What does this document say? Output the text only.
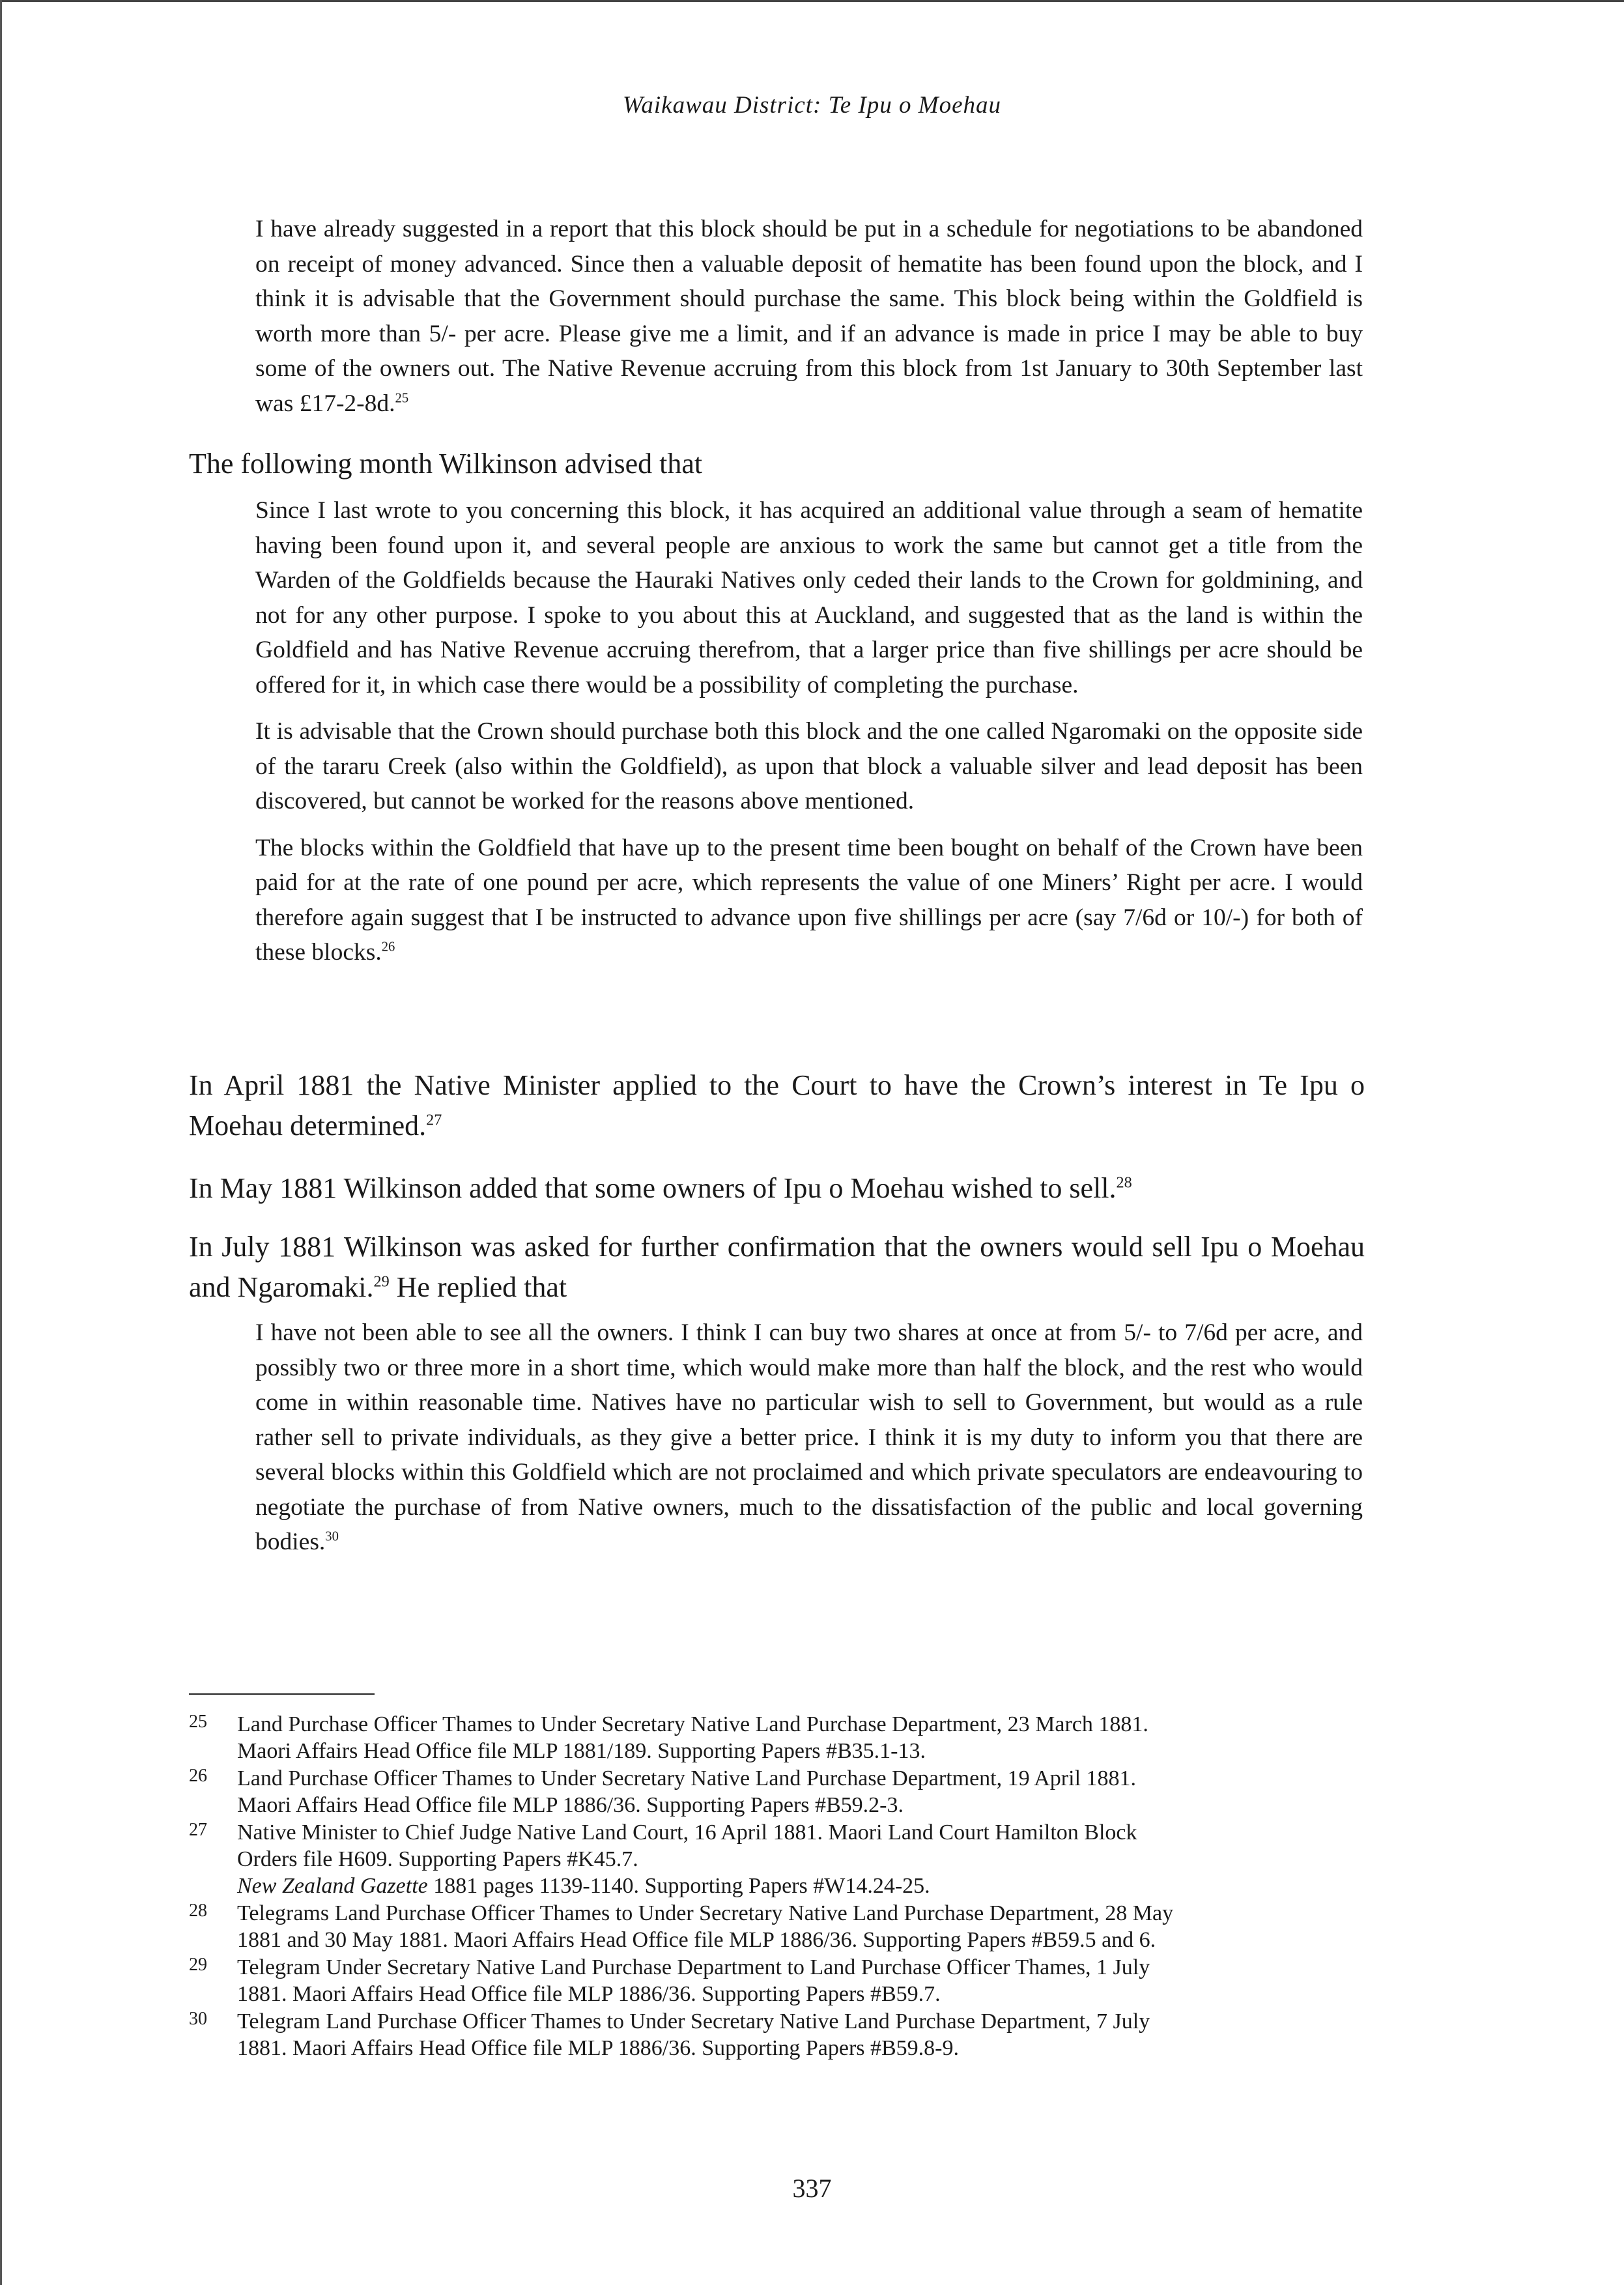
Waikawau District: Te Ipu o Moehau

I have already suggested in a report that this block should be put in a schedule for negotiations to be abandoned on receipt of money advanced. Since then a valuable deposit of hematite has been found upon the block, and I think it is advisable that the Government should purchase the same. This block being within the Goldfield is worth more than 5/- per acre. Please give me a limit, and if an advance is made in price I may be able to buy some of the owners out. The Native Revenue accruing from this block from 1st January to 30th September last was £17-2-8d.$^{25}$

The following month Wilkinson advised that

Since I last wrote to you concerning this block, it has acquired an additional value through a seam of hematite having been found upon it, and several people are anxious to work the same but cannot get a title from the Warden of the Goldfields because the Hauraki Natives only ceded their lands to the Crown for goldmining, and not for any other purpose. I spoke to you about this at Auckland, and suggested that as the land is within the Goldfield and has Native Revenue accruing therefrom, that a larger price than five shillings per acre should be offered for it, in which case there would be a possibility of completing the purchase.

It is advisable that the Crown should purchase both this block and the one called Ngaromaki on the opposite side of the tararu Creek (also within the Goldfield), as upon that block a valuable silver and lead deposit has been discovered, but cannot be worked for the reasons above mentioned.

The blocks within the Goldfield that have up to the present time been bought on behalf of the Crown have been paid for at the rate of one pound per acre, which represents the value of one Miners’ Right per acre. I would therefore again suggest that I be instructed to advance upon five shillings per acre (say 7/6d or 10/-) for both of these blocks.$^{26}$

In April 1881 the Native Minister applied to the Court to have the Crown’s interest in Te Ipu o Moehau determined.$^{27}$
In May 1881 Wilkinson added that some owners of Ipu o Moehau wished to sell.$^{28}$
In July 1881 Wilkinson was asked for further confirmation that the owners would sell Ipu o Moehau and Ngaromaki.$^{29}$ He replied that

I have not been able to see all the owners. I think I can buy two shares at once at from 5/- to 7/6d per acre, and possibly two or three more in a short time, which would make more than half the block, and the rest who would come in within reasonable time. Natives have no particular wish to sell to Government, but would as a rule rather sell to private individuals, as they give a better price. I think it is my duty to inform you that there are several blocks within this Goldfield which are not proclaimed and which private speculators are endeavouring to negotiate the purchase of from Native owners, much to the dissatisfaction of the public and local governing bodies.$^{30}$

25	Land Purchase Officer Thames to Under Secretary Native Land Purchase Department, 23 March 1881.
Maori Affairs Head Office file MLP 1881/189. Supporting Papers #B35.1-13.
26	Land Purchase Officer Thames to Under Secretary Native Land Purchase Department, 19 April 1881.
Maori Affairs Head Office file MLP 1886/36. Supporting Papers #B59.2-3.
27	Native Minister to Chief Judge Native Land Court, 16 April 1881. Maori Land Court Hamilton Block
Orders file H609. Supporting Papers #K45.7.
New Zealand Gazette 1881 pages 1139-1140. Supporting Papers #W14.24-25.
28	Telegrams Land Purchase Officer Thames to Under Secretary Native Land Purchase Department, 28 May
1881 and 30 May 1881. Maori Affairs Head Office file MLP 1886/36. Supporting Papers #B59.5 and 6.
29	Telegram Under Secretary Native Land Purchase Department to Land Purchase Officer Thames, 1 July
1881. Maori Affairs Head Office file MLP 1886/36. Supporting Papers #B59.7.
30	Telegram Land Purchase Officer Thames to Under Secretary Native Land Purchase Department, 7 July
1881. Maori Affairs Head Office file MLP 1886/36. Supporting Papers #B59.8-9.
337
